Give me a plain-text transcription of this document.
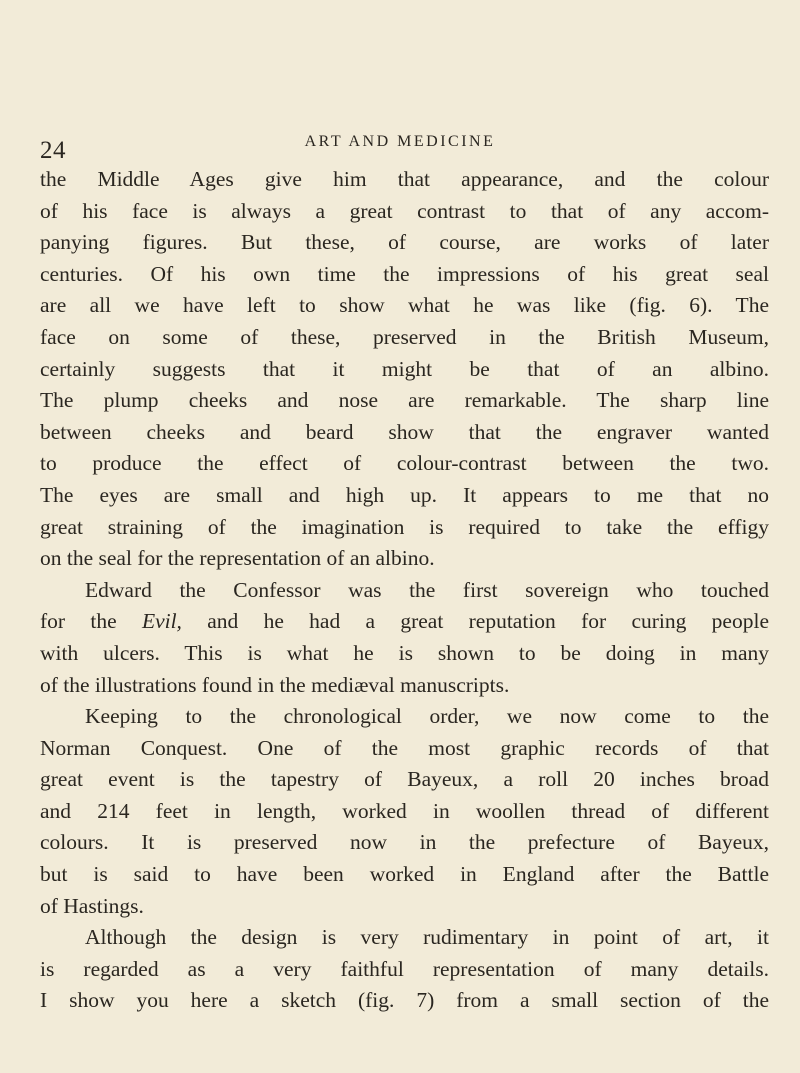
24	ART AND MEDICINE
the Middle Ages give him that appearance, and the colour
of his face is always a great contrast to that of any accom-
panying figures. But these, of course, are works of later
centuries. Of his own time the impressions of his great seal
are all we have left to show what he was like (fig. 6). The
face on some of these, preserved in the British Museum,
certainly suggests that it might be that of an albino.
The plump cheeks and nose are remarkable. The sharp line
between cheeks and beard show that the engraver wanted
to produce the effect of colour-contrast between the two.
The eyes are small and high up. It appears to me that no
great straining of the imagination is required to take the effigy
on the seal for the representation of an albino.
Edward the Confessor was the first sovereign who touched
for the Evil, and he had a great reputation for curing people
with ulcers. This is what he is shown to be doing in many
of the illustrations found in the mediæval manuscripts.
Keeping to the chronological order, we now come to the
Norman Conquest. One of the most graphic records of that
great event is the tapestry of Bayeux, a roll 20 inches broad
and 214 feet in length, worked in woollen thread of different
colours. It is preserved now in the prefecture of Bayeux,
but is said to have been worked in England after the Battle
of Hastings.
Although the design is very rudimentary in point of art, it
is regarded as a very faithful representation of many details.
I show you here a sketch (fig. 7) from a small section of the
